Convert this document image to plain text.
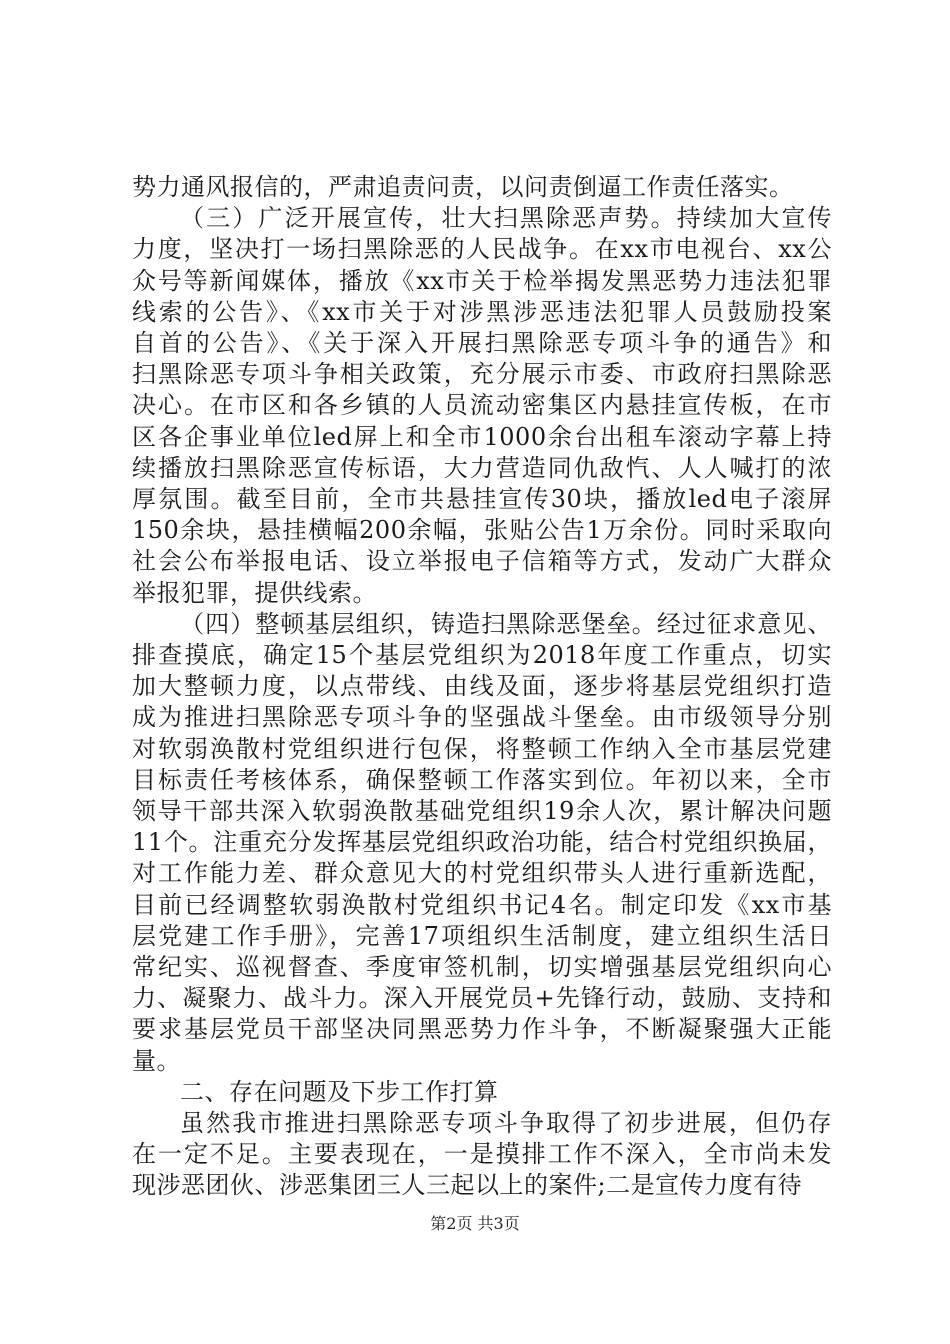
势力通风报信的，严肃追责问责，以问责倒逼工作责任落实。
（三）广泛开展宣传，壮大扫黑除恶声势。持续加大宣传
力度，坚决打一场扫黑除恶的人民战争。在xx市电视台、xx公
众号等新闻媒体，播放《xx市关于检举揭发黑恶势力违法犯罪
线索的公告》、《xx市关于对涉黑涉恶违法犯罪人员鼓励投案
自首的公告》、《关于深入开展扫黑除恶专项斗争的通告》和
扫黑除恶专项斗争相关政策，充分展示市委、市政府扫黑除恶
决心。在市区和各乡镇的人员流动密集区内悬挂宣传板，在市
区各企事业单位led屏上和全市1000余台出租车滚动字幕上持
续播放扫黑除恶宣传标语，大力营造同仇敌忾、人人喊打的浓
厚氛围。截至目前，全市共悬挂宣传30块，播放led电子滚屏
150余块，悬挂横幅200余幅，张贴公告1万余份。同时采取向
社会公布举报电话、设立举报电子信箱等方式，发动广大群众
举报犯罪，提供线索。
（四）整顿基层组织，铸造扫黑除恶堡垒。经过征求意见、
排查摸底，确定15个基层党组织为2018年度工作重点，切实
加大整顿力度，以点带线、由线及面，逐步将基层党组织打造
成为推进扫黑除恶专项斗争的坚强战斗堡垒。由市级领导分别
对软弱涣散村党组织进行包保，将整顿工作纳入全市基层党建
目标责任考核体系，确保整顿工作落实到位。年初以来，全市
领导干部共深入软弱涣散基础党组织19余人次，累计解决问题
11个。注重充分发挥基层党组织政治功能，结合村党组织换届，
对工作能力差、群众意见大的村党组织带头人进行重新选配，
目前已经调整软弱涣散村党组织书记4名。制定印发《xx市基
层党建工作手册》，完善17项组织生活制度，建立组织生活日
常纪实、巡视督查、季度审签机制，切实增强基层党组织向心
力、凝聚力、战斗力。深入开展党员+先锋行动，鼓励、支持和
要求基层党员干部坚决同黑恶势力作斗争，不断凝聚强大正能
量。
二、存在问题及下步工作打算
虽然我市推进扫黑除恶专项斗争取得了初步进展，但仍存
在一定不足。主要表现在，一是摸排工作不深入，全市尚未发
现涉恶团伙、涉恶集团三人三起以上的案件;二是宣传力度有待
第2页 共3页
